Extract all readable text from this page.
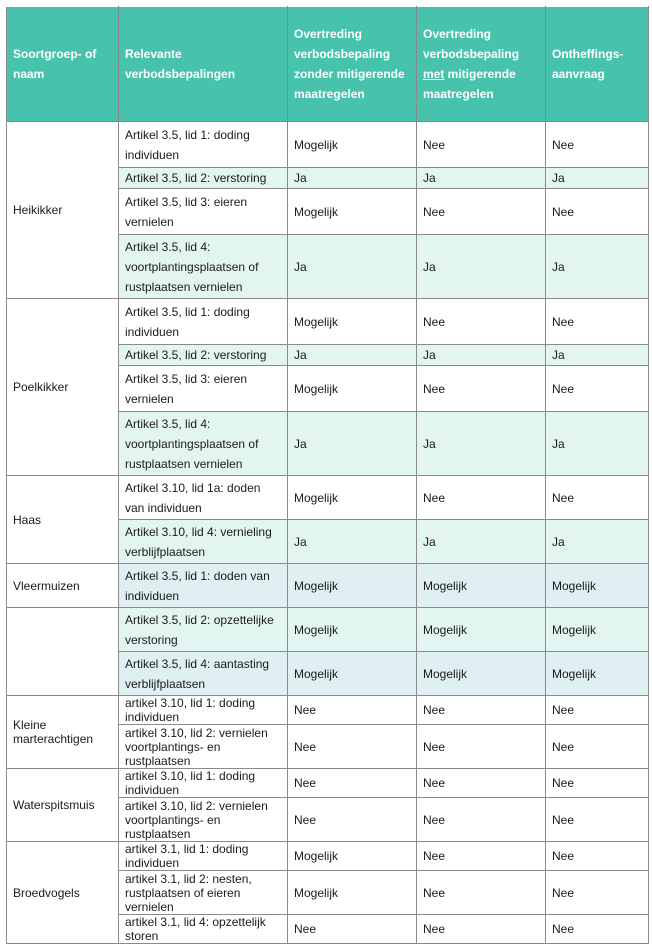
Soortgroep- of naam	Relevante verbodsbepalingen	Overtreding verbodsbepaling zonder mitigerende maatregelen	Overtreding verbodsbepaling met mitigerende maatregelen	Ontheffings-aanvraag
Heikikker	Artikel 3.5, lid 1: doding individuen	Mogelijk	Nee	Nee
	Artikel 3.5, lid 2: verstoring	Ja	Ja	Ja
	Artikel 3.5, lid 3: eieren vernielen	Mogelijk	Nee	Nee
	Artikel 3.5, lid 4: voortplantingsplaatsen of rustplaatsen vernielen	Ja	Ja	Ja
Poelkikker	Artikel 3.5, lid 1: doding individuen	Mogelijk	Nee	Nee
	Artikel 3.5, lid 2: verstoring	Ja	Ja	Ja
	Artikel 3.5, lid 3: eieren vernielen	Mogelijk	Nee	Nee
	Artikel 3.5, lid 4: voortplantingsplaatsen of rustplaatsen vernielen	Ja	Ja	Ja
Haas	Artikel 3.10, lid 1a: doden van individuen	Mogelijk	Nee	Nee
	Artikel 3.10, lid 4: vernieling verblijfplaatsen	Ja	Ja	Ja
Vleermuizen	Artikel 3.5, lid 1: doden van individuen	Mogelijk	Mogelijk	Mogelijk
	Artikel 3.5, lid 2: opzettelijke verstoring	Mogelijk	Mogelijk	Mogelijk
	Artikel 3.5, lid 4: aantasting verblijfplaatsen	Mogelijk	Mogelijk	Mogelijk
Kleine marterachtigen	artikel 3.10, lid 1: doding individuen	Nee	Nee	Nee
	artikel 3.10, lid 2: vernielen voortplantings- en rustplaatsen	Nee	Nee	Nee
Waterspitsmuis	artikel 3.10, lid 1: doding individuen	Nee	Nee	Nee
	artikel 3.10, lid 2: vernielen voortplantings- en rustplaatsen	Nee	Nee	Nee
Broedvogels	artikel 3.1, lid 1: doding individuen	Mogelijk	Nee	Nee
	artikel 3.1, lid 2: nesten, rustplaatsen of eieren vernielen	Mogelijk	Nee	Nee
	artikel 3.1, lid 4: opzettelijk storen	Nee	Nee	Nee
